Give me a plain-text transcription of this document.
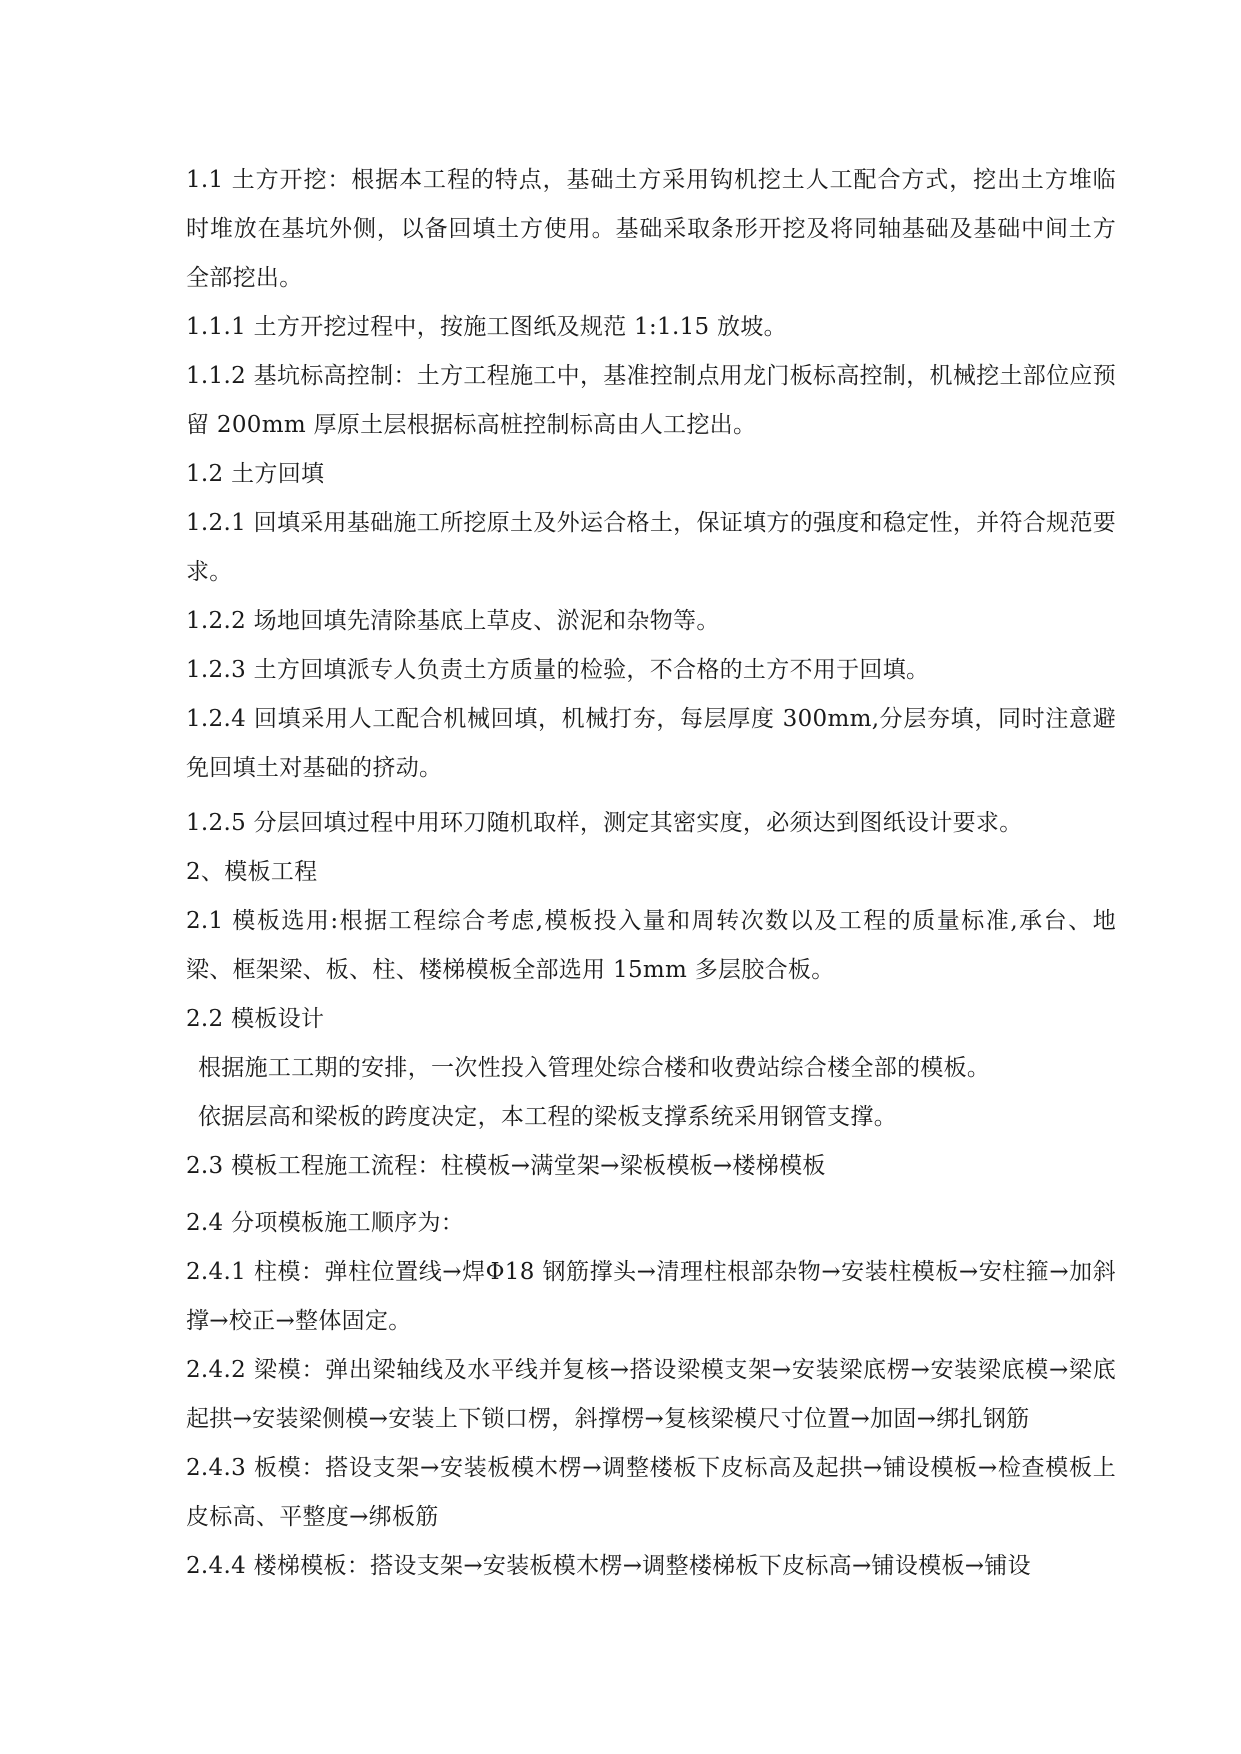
1.1 土方开挖：根据本工程的特点，基础土方采用钩机挖土人工配合方式，挖出土方堆临时堆放在基坑外侧，以备回填土方使用。基础采取条形开挖及将同轴基础及基础中间土方全部挖出。

1.1.1 土方开挖过程中，按施工图纸及规范 1:1.15 放坡。

1.1.2 基坑标高控制：土方工程施工中，基准控制点用龙门板标高控制，机械挖土部位应预留 200mm 厚原土层根据标高桩控制标高由人工挖出。

1.2 土方回填

1.2.1 回填采用基础施工所挖原土及外运合格土，保证填方的强度和稳定性，并符合规范要求。

1.2.2 场地回填先清除基底上草皮、淤泥和杂物等。

1.2.3 土方回填派专人负责土方质量的检验，不合格的土方不用于回填。

1.2.4 回填采用人工配合机械回填，机械打夯，每层厚度 300mm,分层夯填，同时注意避免回填土对基础的挤动。

1.2.5 分层回填过程中用环刀随机取样，测定其密实度，必须达到图纸设计要求。

2、模板工程

2.1 模板选用:根据工程综合考虑,模板投入量和周转次数以及工程的质量标准,承台、地梁、框架梁、板、柱、楼梯模板全部选用 15mm 多层胶合板。

2.2 模板设计

根据施工工期的安排，一次性投入管理处综合楼和收费站综合楼全部的模板。

依据层高和梁板的跨度决定，本工程的梁板支撑系统采用钢管支撑。

2.3 模板工程施工流程：柱模板→满堂架→梁板模板→楼梯模板

2.4 分项模板施工顺序为：

2.4.1 柱模：弹柱位置线→焊Φ18 钢筋撑头→清理柱根部杂物→安装柱模板→安柱箍→加斜撑→校正→整体固定。

2.4.2 梁模：弹出梁轴线及水平线并复核→搭设梁模支架→安装梁底楞→安装梁底模→梁底起拱→安装梁侧模→安装上下锁口楞，斜撑楞→复核梁模尺寸位置→加固→绑扎钢筋

2.4.3 板模：搭设支架→安装板模木楞→调整楼板下皮标高及起拱→铺设模板→检查模板上皮标高、平整度→绑板筋

2.4.4 楼梯模板：搭设支架→安装板模木楞→调整楼梯板下皮标高→铺设模板→铺设
